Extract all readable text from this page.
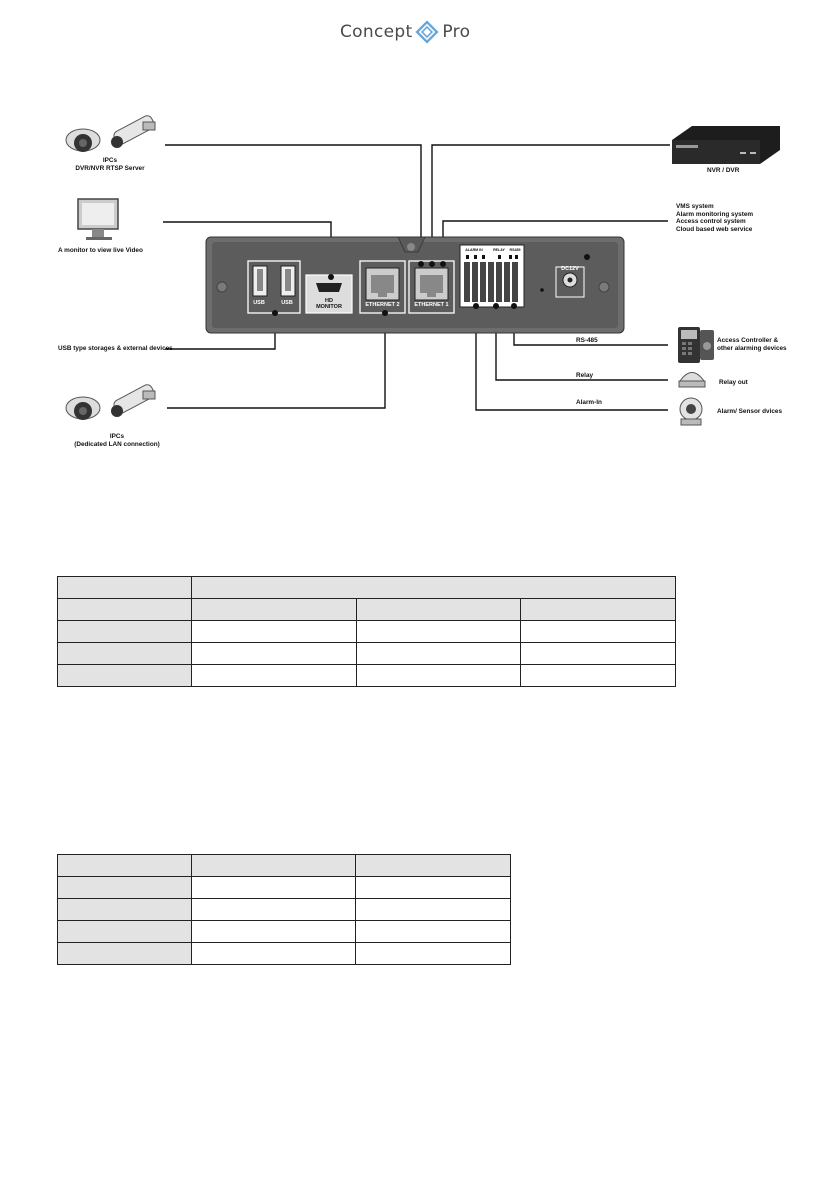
Concept Pro
USB	USB	HD
MONITOR	ETHERNET 2	ETHERNET 1
ALARM IN	RELAY	RS485
DC12V
IPCs
DVR/NVR RTSP Server
A monitor to view live Video
USB type storages & external devices
IPCs
(Dedicated LAN connection)
NVR / DVR
VMS system
Alarm monitoring system
Access control system
Cloud based web service
RS-485
Relay
Alarm-In
Access Controller &
other alarming devices
Relay out
Alarm/ Sensor dvices
